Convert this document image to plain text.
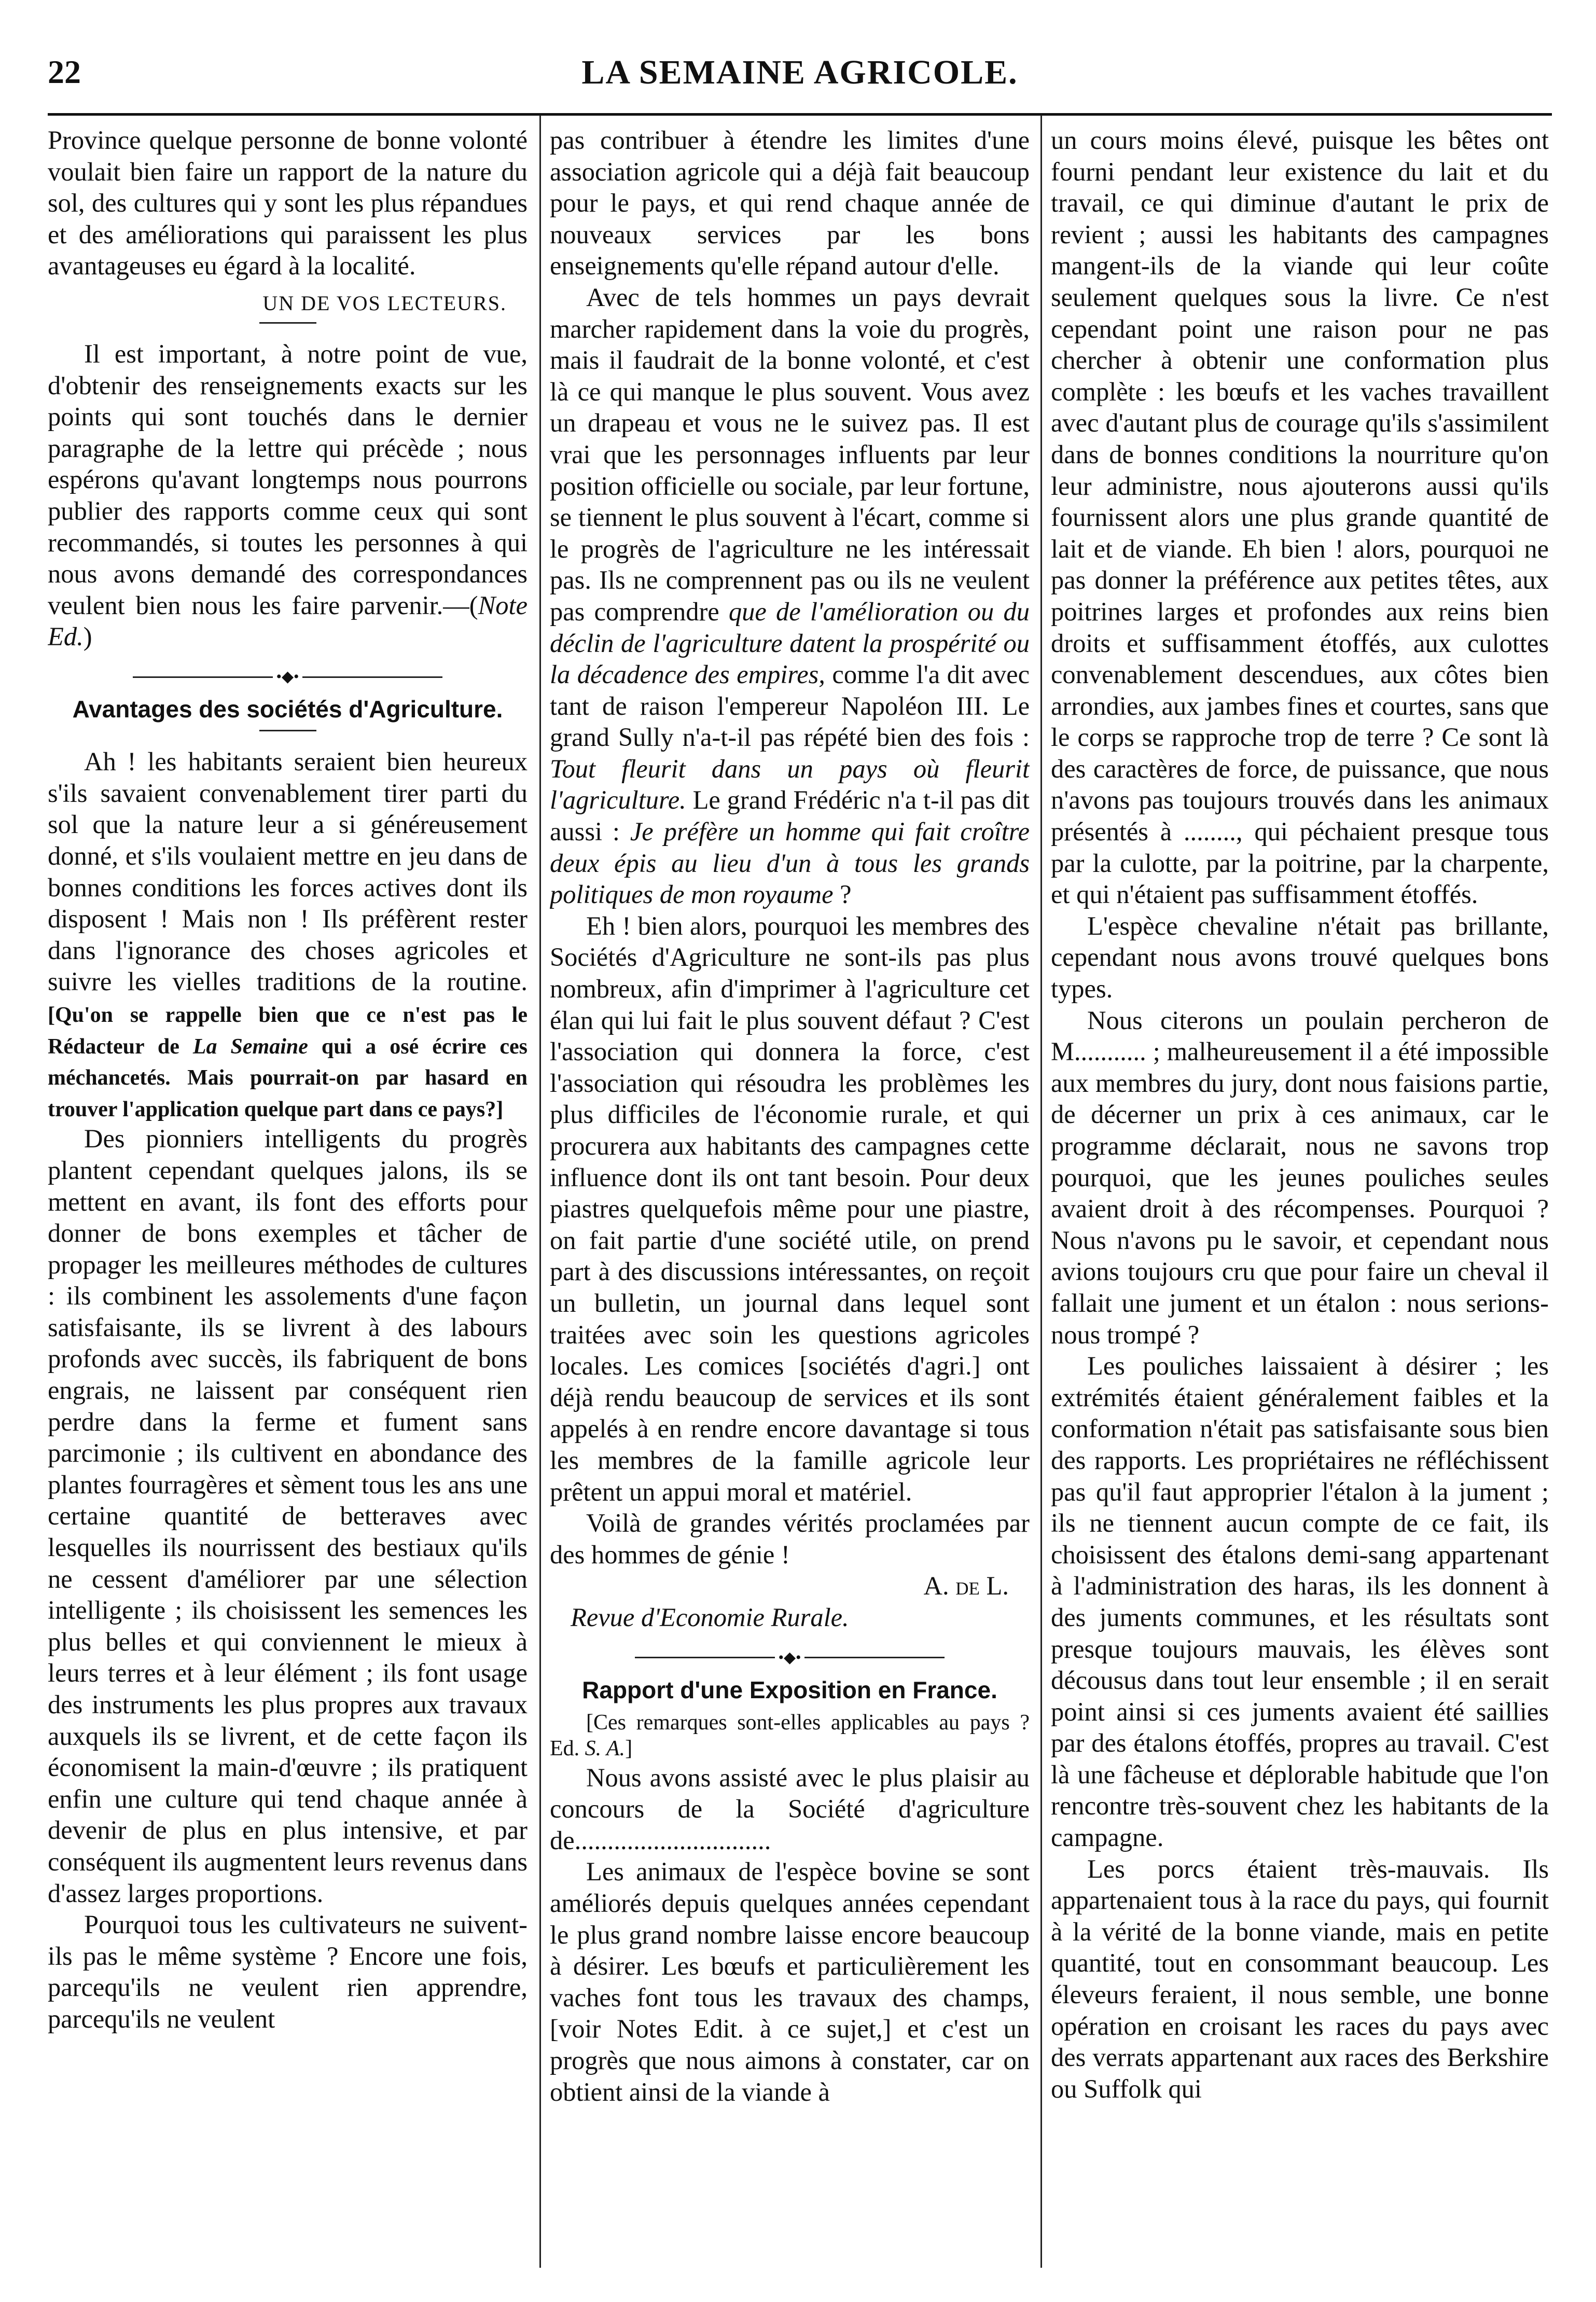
22	LA SEMAINE AGRICOLE.

Province quelque personne de bonne volonté voulait bien faire un rapport de la nature du sol, des cultures qui y sont les plus répandues et des améliorations qui paraissent les plus avantageuses eu égard à la localité.

UN DE VOS LECTEURS.

Il est important, à notre point de vue, d'obtenir des renseignements exacts sur les points qui sont touchés dans le dernier paragraphe de la lettre qui précède ; nous espérons qu'avant longtemps nous pourrons publier des rapports comme ceux qui sont recommandés, si toutes les personnes à qui nous avons demandé des correspondances veulent bien nous les faire parvenir.—(Note Ed.)

•◆•
Avantages des sociétés d'Agriculture.

Ah ! les habitants seraient bien heureux s'ils savaient convenablement tirer parti du sol que la nature leur a si généreusement donné, et s'ils voulaient mettre en jeu dans de bonnes conditions les forces actives dont ils disposent ! Mais non ! Ils préfèrent rester dans l'ignorance des choses agricoles et suivre les vielles traditions de la routine. [Qu'on se rappelle bien que ce n'est pas le Rédacteur de La Semaine qui a osé écrire ces méchancetés. Mais pourrait-on par hasard en trouver l'application quelque part dans ce pays?]

Des pionniers intelligents du progrès plantent cependant quelques jalons, ils se mettent en avant, ils font des efforts pour donner de bons exemples et tâcher de propager les meilleures méthodes de cultures : ils combinent les assolements d'une façon satisfaisante, ils se livrent à des labours profonds avec succès, ils fabriquent de bons engrais, ne laissent par conséquent rien perdre dans la ferme et fument sans parcimonie ; ils cultivent en abondance des plantes fourragères et sèment tous les ans une certaine quantité de betteraves avec lesquelles ils nourrissent des bestiaux qu'ils ne cessent d'améliorer par une sélection intelligente ; ils choisissent les semences les plus belles et qui conviennent le mieux à leurs terres et à leur élément ; ils font usage des instruments les plus propres aux travaux auxquels ils se livrent, et de cette façon ils économisent la main-d'œuvre ; ils pratiquent enfin une culture qui tend chaque année à devenir de plus en plus intensive, et par conséquent ils augmentent leurs revenus dans d'assez larges proportions.

Pourquoi tous les cultivateurs ne suivent-ils pas le même système ? Encore une fois, parcequ'ils ne veulent rien apprendre, parcequ'ils ne veulent

pas contribuer à étendre les limites d'une association agricole qui a déjà fait beaucoup pour le pays, et qui rend chaque année de nouveaux services par les bons enseignements qu'elle répand autour d'elle.

Avec de tels hommes un pays devrait marcher rapidement dans la voie du progrès, mais il faudrait de la bonne volonté, et c'est là ce qui manque le plus souvent. Vous avez un drapeau et vous ne le suivez pas. Il est vrai que les personnages influents par leur position officielle ou sociale, par leur fortune, se tiennent le plus souvent à l'écart, comme si le progrès de l'agriculture ne les intéressait pas. Ils ne comprennent pas ou ils ne veulent pas comprendre que de l'amélioration ou du déclin de l'agriculture datent la prospérité ou la décadence des empires, comme l'a dit avec tant de raison l'empereur Napoléon III. Le grand Sully n'a-t-il pas répété bien des fois : Tout fleurit dans un pays où fleurit l'agriculture. Le grand Frédéric n'a t-il pas dit aussi : Je préfère un homme qui fait croître deux épis au lieu d'un à tous les grands politiques de mon royaume ?

Eh ! bien alors, pourquoi les membres des Sociétés d'Agriculture ne sont-ils pas plus nombreux, afin d'imprimer à l'agriculture cet élan qui lui fait le plus souvent défaut ? C'est l'association qui donnera la force, c'est l'association qui résoudra les problèmes les plus difficiles de l'économie rurale, et qui procurera aux habitants des campagnes cette influence dont ils ont tant besoin. Pour deux piastres quelquefois même pour une piastre, on fait partie d'une société utile, on prend part à des discussions intéressantes, on reçoit un bulletin, un journal dans lequel sont traitées avec soin les questions agricoles locales. Les comices [sociétés d'agri.] ont déjà rendu beaucoup de services et ils sont appelés à en rendre encore davantage si tous les membres de la famille agricole leur prêtent un appui moral et matériel.

Voilà de grandes vérités proclamées par des hommes de génie !

A. de L.

Revue d'Economie Rurale.

•◆•
Rapport d'une Exposition en France.

[Ces remarques sont-elles applicables au pays ? Ed. S. A.]

Nous avons assisté avec le plus plaisir au concours de la Société d'agriculture de..............................

Les animaux de l'espèce bovine se sont améliorés depuis quelques années cependant le plus grand nombre laisse encore beaucoup à désirer. Les bœufs et particulièrement les vaches font tous les travaux des champs, [voir Notes Edit. à ce sujet,] et c'est un progrès que nous aimons à constater, car on obtient ainsi de la viande à

un cours moins élevé, puisque les bêtes ont fourni pendant leur existence du lait et du travail, ce qui diminue d'autant le prix de revient ; aussi les habitants des campagnes mangent-ils de la viande qui leur coûte seulement quelques sous la livre. Ce n'est cependant point une raison pour ne pas chercher à obtenir une conformation plus complète : les bœufs et les vaches travaillent avec d'autant plus de courage qu'ils s'assimilent dans de bonnes conditions la nourriture qu'on leur administre, nous ajouterons aussi qu'ils fournissent alors une plus grande quantité de lait et de viande. Eh bien ! alors, pourquoi ne pas donner la préférence aux petites têtes, aux poitrines larges et profondes aux reins bien droits et suffisamment étoffés, aux culottes convenablement descendues, aux côtes bien arrondies, aux jambes fines et courtes, sans que le corps se rapproche trop de terre ? Ce sont là des caractères de force, de puissance, que nous n'avons pas toujours trouvés dans les animaux présentés à ........, qui péchaient presque tous par la culotte, par la poitrine, par la charpente, et qui n'étaient pas suffisamment étoffés.

L'espèce chevaline n'était pas brillante, cependant nous avons trouvé quelques bons types.

Nous citerons un poulain percheron de M........... ; malheureusement il a été impossible aux membres du jury, dont nous faisions partie, de décerner un prix à ces animaux, car le programme déclarait, nous ne savons trop pourquoi, que les jeunes pouliches seules avaient droit à des récompenses. Pourquoi ? Nous n'avons pu le savoir, et cependant nous avions toujours cru que pour faire un cheval il fallait une jument et un étalon : nous serions-nous trompé ?

Les pouliches laissaient à désirer ; les extrémités étaient généralement faibles et la conformation n'était pas satisfaisante sous bien des rapports. Les propriétaires ne réfléchissent pas qu'il faut approprier l'étalon à la jument ; ils ne tiennent aucun compte de ce fait, ils choisissent des étalons demi-sang appartenant à l'administration des haras, ils les donnent à des juments communes, et les résultats sont presque toujours mauvais, les élèves sont décousus dans tout leur ensemble ; il en serait point ainsi si ces juments avaient été saillies par des étalons étoffés, propres au travail. C'est là une fâcheuse et déplorable habitude que l'on rencontre très-souvent chez les habitants de la campagne.

Les porcs étaient très-mauvais. Ils appartenaient tous à la race du pays, qui fournit à la vérité de la bonne viande, mais en petite quantité, tout en consommant beaucoup. Les éleveurs feraient, il nous semble, une bonne opération en croisant les races du pays avec des verrats appartenant aux races des Berkshire ou Suffolk qui
